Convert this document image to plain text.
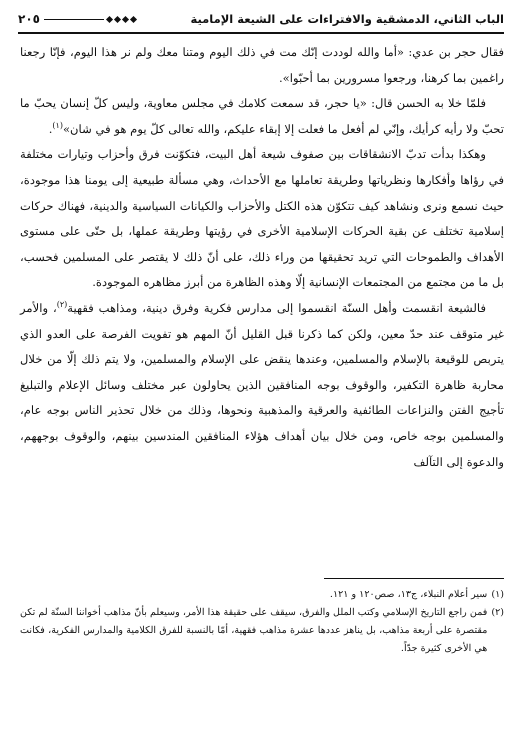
الباب الثاني، الدمشقية والافتراءات على الشيعة الإمامية
٢٠٥

فقال حجر بن عدي: «أما والله لوددت إنّك مت في ذلك اليوم ومتنا معك ولم نر هذا اليوم، فإنّا رجعنا راغمين بما كرهنا، ورجعوا مسرورين بما أحبّوا».

فلمّا خلا به الحسن قال: «يا حجر، قد سمعت كلامك في مجلس معاوية، وليس كلّ إنسان يحبّ ما تحبّ ولا رأيه كرأيك، وإنّي لم أفعل ما فعلت إلا إبقاء عليكم، والله تعالى كلّ يوم هو في شان»$^{(١)}$.

وهكذا بدأت تدبّ الانشقاقات بين صفوف شيعة أهل البيت، فتكوّنت فرق وأحزاب وتيارات مختلفة في رؤاها وأفكارها ونظرياتها وطريقة تعاملها مع الأحداث، وهي مسألة طبيعية إلى يومنا هذا موجودة، حيث نسمع ونرى ونشاهد كيف تتكوّن هذه الكتل والأحزاب والكيانات السياسية والدينية، فهناك حركات إسلامية تختلف عن بقية الحركات الإسلامية الأخرى في رؤيتها وطريقة عملها، بل حتّى على مستوى الأهداف والطموحات التي تريد تحقيقها من وراء ذلك، على أنّ ذلك لا يقتصر على المسلمين فحسب، بل ما من مجتمع من المجتمعات الإنسانية إلّا وهذه الظاهرة من أبرز مظاهره الموجودة.

فالشيعة انقسمت وأهل السنّة انقسموا إلى مدارس فكرية وفرق دينية، ومذاهب فقهية$^{(٢)}$، والأمر غير متوقف عند حدّ معين، ولكن كما ذكرنا قبل القليل أنّ المهم هو تفويت الفرصة على العدو الذي يتربص للوقيعة بالإسلام والمسلمين، وعندها ينقض على الإسلام والمسلمين، ولا يتم ذلك إلّا من خلال محاربة ظاهرة التكفير، والوقوف بوجه المنافقين الذين يحاولون عبر مختلف وسائل الإعلام والتبليغ تأجيج الفتن والنزاعات الطائفية والعرقية والمذهبية ونحوها، وذلك من خلال تحذير الناس بوجه عام، والمسلمين بوجه خاص، ومن خلال بيان أهداف هؤلاء المنافقين المندسين بينهم، والوقوف بوجههم، والدعوة إلى التآلف

(١)
سير أعلام النبلاء، ج١٣، صص١٢٠ و ١٢١.
(٢)
فمن راجع التاريخ الإسلامي وكتب الملل والفرق، سيقف على حقيقة هذا الأمر، وسيعلم بأنّ مذاهب أخواننا السنّة لم تكن مقتصرة على أربعة مذاهب، بل يناهز عددها عشرة مذاهب فقهية، أمّا بالنسبة للفرق الكلامية والمدارس الفكرية، فكانت هي الأخرى كثيرة جدّاً.
